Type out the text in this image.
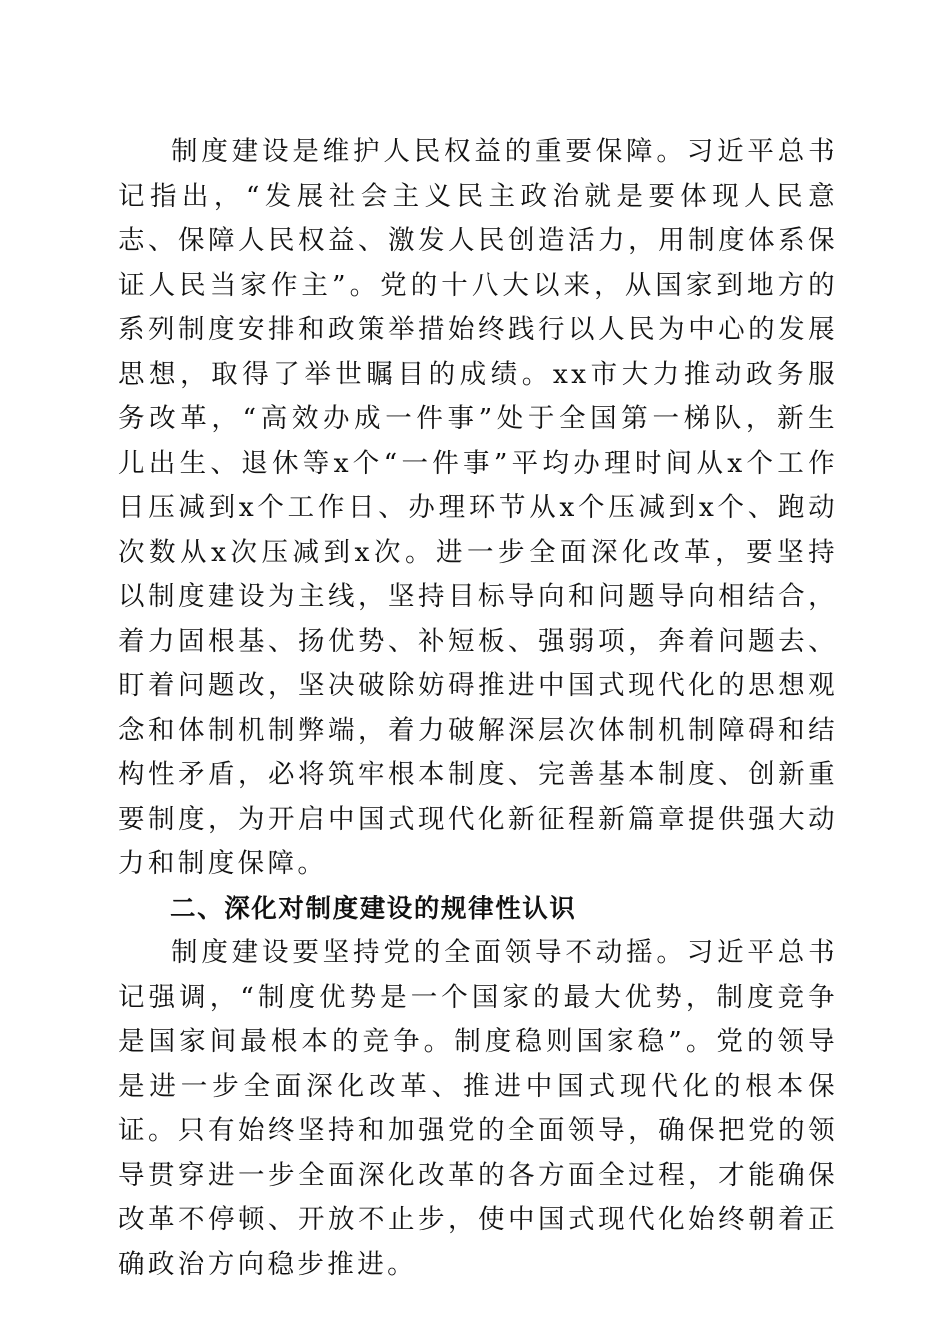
制度建设是维护人民权益的重要保障。习近平总书记指出，“发展社会主义民主政治就是要体现人民意志、保障人民权益、激发人民创造活力，用制度体系保证人民当家作主”。党的十八大以来，从国家到地方的系列制度安排和政策举措始终践行以人民为中心的发展思想，取得了举世瞩目的成绩。xx市大力推动政务服务改革，“高效办成一件事”处于全国第一梯队，新生儿出生、退休等x个“一件事”平均办理时间从x个工作日压减到x个工作日、办理环节从x个压减到x个、跑动次数从x次压减到x次。进一步全面深化改革，要坚持以制度建设为主线，坚持目标导向和问题导向相结合，着力固根基、扬优势、补短板、强弱项，奔着问题去、盯着问题改，坚决破除妨碍推进中国式现代化的思想观念和体制机制弊端，着力破解深层次体制机制障碍和结构性矛盾，必将筑牢根本制度、完善基本制度、创新重要制度，为开启中国式现代化新征程新篇章提供强大动力和制度保障。

二、深化对制度建设的规律性认识

制度建设要坚持党的全面领导不动摇。习近平总书记强调，“制度优势是一个国家的最大优势，制度竞争是国家间最根本的竞争。制度稳则国家稳”。党的领导是进一步全面深化改革、推进中国式现代化的根本保证。只有始终坚持和加强党的全面领导，确保把党的领导贯穿进一步全面深化改革的各方面全过程，才能确保改革不停顿、开放不止步，使中国式现代化始终朝着正确政治方向稳步推进。
